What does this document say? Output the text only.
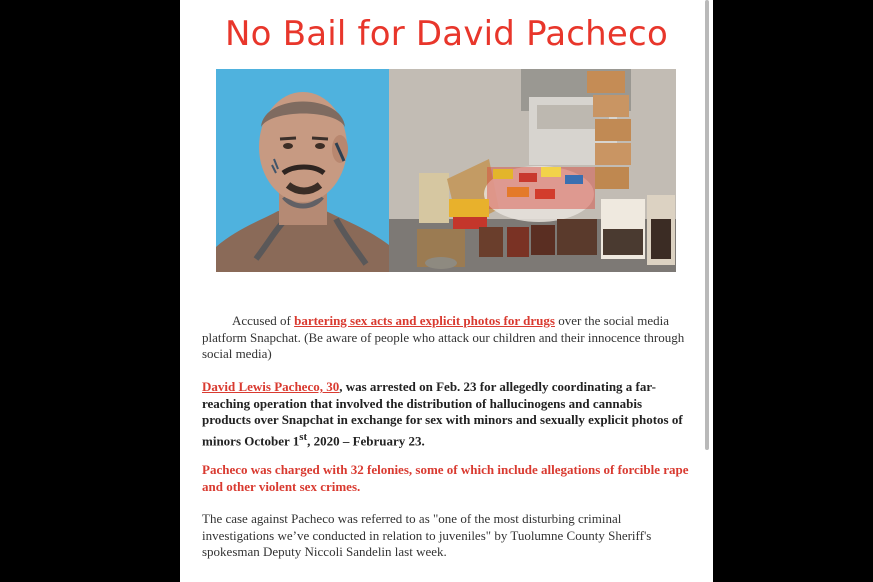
No Bail for David Pacheco

Accused of bartering sex acts and explicit photos for drugs over the social media platform Snapchat. (Be aware of people who attack our children and their innocence through social media)

David Lewis Pacheco, 30, was arrested on Feb. 23 for allegedly coordinating a far-reaching operation that involved the distribution of hallucinogens and cannabis products over Snapchat in exchange for sex with minors and sexually explicit photos of minors October 1st, 2020 – February 23.

Pacheco was charged with 32 felonies, some of which include allegations of forcible rape and other violent sex crimes.

The case against Pacheco was referred to as "one of the most disturbing criminal investigations we’ve conducted in relation to juveniles" by Tuolumne County Sheriff's spokesman Deputy Niccoli Sandelin last week.
